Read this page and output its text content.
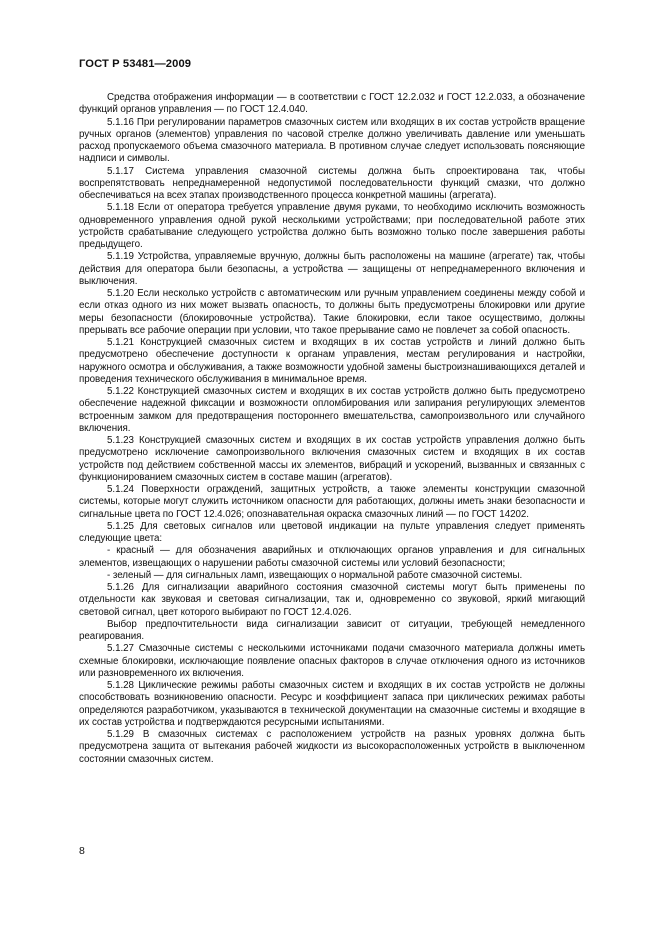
ГОСТ Р 53481—2009

Средства отображения информации — в соответствии с ГОСТ 12.2.032 и ГОСТ 12.2.033, а обозначение функций органов управления — по ГОСТ 12.4.040.

5.1.16 При регулировании параметров смазочных систем или входящих в их состав устройств вращение ручных органов (элементов) управления по часовой стрелке должно увеличивать давление или уменьшать расход пропускаемого объема смазочного материала. В противном случае следует использовать поясняющие надписи и символы.

5.1.17 Система управления смазочной системы должна быть спроектирована так, чтобы воспрепятствовать непреднамеренной недопустимой последовательности функций смазки, что должно обеспечиваться на всех этапах производственного процесса конкретной машины (агрегата).

5.1.18 Если от оператора требуется управление двумя руками, то необходимо исключить возможность одновременного управления одной рукой несколькими устройствами; при последовательной работе этих устройств срабатывание следующего устройства должно быть возможно только после завершения работы предыдущего.

5.1.19 Устройства, управляемые вручную, должны быть расположены на машине (агрегате) так, чтобы действия для оператора были безопасны, а устройства — защищены от непреднамеренного включения и выключения.

5.1.20 Если несколько устройств с автоматическим или ручным управлением соединены между собой и если отказ одного из них может вызвать опасность, то должны быть предусмотрены блокировки или другие меры безопасности (блокировочные устройства). Такие блокировки, если такое осуществимо, должны прерывать все рабочие операции при условии, что такое прерывание само не повлечет за собой опасность.

5.1.21 Конструкцией смазочных систем и входящих в их состав устройств и линий должно быть предусмотрено обеспечение доступности к органам управления, местам регулирования и настройки, наружного осмотра и обслуживания, а также возможности удобной замены быстроизнашивающихся деталей и проведения технического обслуживания в минимальное время.

5.1.22 Конструкцией смазочных систем и входящих в их состав устройств должно быть предусмотрено обеспечение надежной фиксации и возможности опломбирования или запирания регулирующих элементов встроенным замком для предотвращения постороннего вмешательства, самопроизвольного или случайного включения.

5.1.23 Конструкцией смазочных систем и входящих в их состав устройств управления должно быть предусмотрено исключение самопроизвольного включения смазочных систем и входящих в их состав устройств под действием собственной массы их элементов, вибраций и ускорений, вызванных и связанных с функционированием смазочных систем в составе машин (агрегатов).

5.1.24 Поверхности ограждений, защитных устройств, а также элементы конструкции смазочной системы, которые могут служить источником опасности для работающих, должны иметь знаки безопасности и сигнальные цвета по ГОСТ 12.4.026; опознавательная окраска смазочных линий — по ГОСТ 14202.

5.1.25 Для световых сигналов или цветовой индикации на пульте управления следует применять следующие цвета:

- красный — для обозначения аварийных и отключающих органов управления и для сигнальных элементов, извещающих о нарушении работы смазочной системы или условий безопасности;

- зеленый — для сигнальных ламп, извещающих о нормальной работе смазочной системы.

5.1.26 Для сигнализации аварийного состояния смазочной системы могут быть применены по отдельности как звуковая и световая сигнализации, так и, одновременно со звуковой, яркий мигающий световой сигнал, цвет которого выбирают по ГОСТ 12.4.026.

Выбор предпочтительности вида сигнализации зависит от ситуации, требующей немедленного реагирования.

5.1.27 Смазочные системы с несколькими источниками подачи смазочного материала должны иметь схемные блокировки, исключающие появление опасных факторов в случае отключения одного из источников или разновременного их включения.

5.1.28 Циклические режимы работы смазочных систем и входящих в их состав устройств не должны способствовать возникновению опасности. Ресурс и коэффициент запаса при циклических режимах работы определяются разработчиком, указываются в технической документации на смазочные системы и входящие в их состав устройства и подтверждаются ресурсными испытаниями.

5.1.29 В смазочных системах с расположением устройств на разных уровнях должна быть предусмотрена защита от вытекания рабочей жидкости из высокорасположенных устройств в выключенном состоянии смазочных систем.

8
